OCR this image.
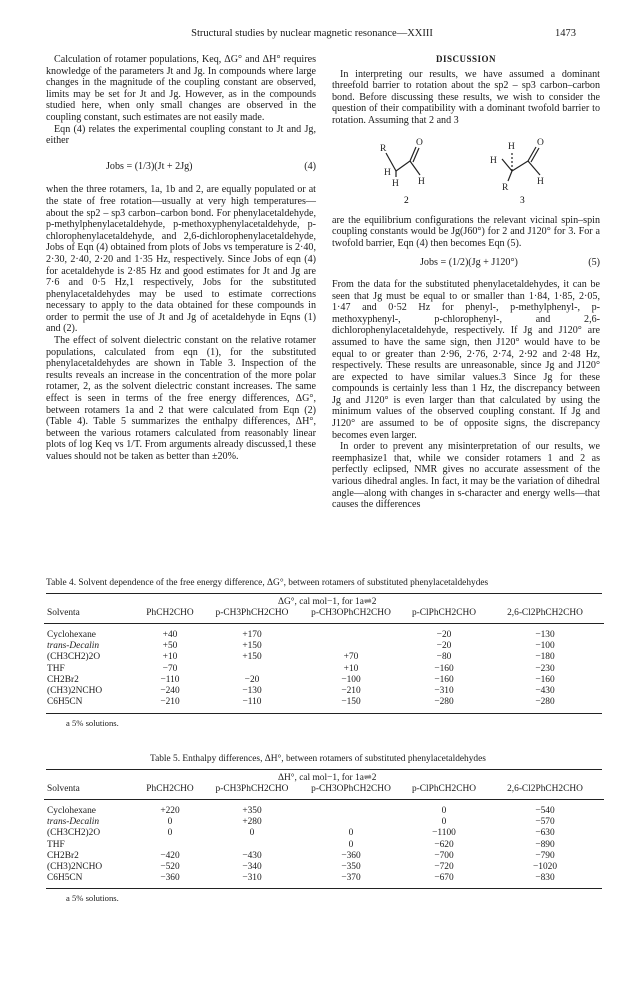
Structural studies by nuclear magnetic resonance—XXIII	1473

Calculation of rotamer populations, Keq, ΔG° and ΔH° requires knowledge of the parameters Jt and Jg. In compounds where large changes in the magnitude of the coupling constant are observed, limits may be set for Jt and Jg. However, as in the compounds studied here, when only small changes are observed in the coupling constant, such estimates are not easily made.

Eqn (4) relates the experimental coupling constant to Jt and Jg, either

Jobs = (1/3)(Jt + 2Jg)	(4)

when the three rotamers, 1a, 1b and 2, are equally populated or at the state of free rotation—usually at very high temperatures—about the sp2 – sp3 carbon–carbon bond. For phenylacetaldehyde, p-methylphenylacetaldehyde, p-methoxyphenylacetaldehyde, p-chlorophenylacetaldehyde, and 2,6-dichlorophenylacetaldehyde, Jobs of Eqn (4) obtained from plots of Jobs vs temperature is 2·40, 2·30, 2·40, 2·20 and 1·35 Hz, respectively. Since Jobs of eqn (4) for acetaldehyde is 2·85 Hz and good estimates for Jt and Jg are 7·6 and 0·5 Hz,1 respectively, Jobs for the substituted phenylacetaldehydes may be used to estimate corrections necessary to apply to the data obtained for these compounds in order to permit the use of Jt and Jg of acetaldehyde in Eqns (1) and (2).

The effect of solvent dielectric constant on the relative rotamer populations, calculated from eqn (1), for the substituted phenylacetaldehydes are shown in Table 3. Inspection of the results reveals an increase in the concentration of the more polar rotamer, 2, as the solvent dielectric constant increases. The same effect is seen in terms of the free energy differences, ΔG°, between rotamers 1a and 2 that were calculated from Eqn (2) (Table 4). Table 5 summarizes the enthalpy differences, ΔH°, between the various rotamers calculated from reasonably linear plots of log Keq vs 1/T. From arguments already discussed,1 these values should not be taken as better than ±20%.

DISCUSSION

In interpreting our results, we have assumed a dominant threefold barrier to rotation about the sp2 – sp3 carbon–carbon bond. Before discussing these results, we wish to consider the question of their compatibility with a dominant twofold barrier to rotation. Assuming that 2 and 3

R
H
H H
O
2
H
H
R
H
O
3

are the equilibrium configurations the relevant vicinal spin–spin coupling constants would be Jg(J60°) for 2 and J120° for 3. For a twofold barrier, Eqn (4) then becomes Eqn (5).

Jobs = (1/2)(Jg + J120°)	(5)

From the data for the substituted phenylacetaldehydes, it can be seen that Jg must be equal to or smaller than 1·84, 1·85, 2·05, 1·47 and 0·52 Hz for phenyl-, p-methylphenyl-, p-methoxyphenyl-, p-chlorophenyl-, and 2,6-dichlorophenylacetaldehyde, respectively. If Jg and J120° are assumed to have the same sign, then J120° would have to be equal to or greater than 2·96, 2·76, 2·74, 2·92 and 2·48 Hz, respectively. These results are unreasonable, since Jg and J120° are expected to have similar values.3 Since Jg for these compounds is certainly less than 1 Hz, the discrepancy between Jg and J120° is even larger than that calculated by using the minimum values of the observed coupling constant. If Jg and J120° are assumed to be of opposite signs, the discrepancy becomes even larger.

In order to prevent any misinterpretation of our results, we reemphasize1 that, while we consider rotamers 1 and 2 as perfectly eclipsed, NMR gives no accurate assessment of the various dihedral angles. In fact, it may be the variation of dihedral angle—along with changes in s-character and energy wells—that causes the differences

Table 4. Solvent dependence of the free energy difference, ΔG°, between rotamers of substituted phenylacetaldehydes
ΔG°, cal mol−1, for 1a⇌2
Solventa	PhCH2CHO	p-CH3PhCH2CHO	p-CH3OPhCH2CHO	p-ClPhCH2CHO	2,6-Cl2PhCH2CHO

Cyclohexane	+40	+170		−20	−130
trans-Decalin	+50	+150		−20	−100
(CH3CH2)2O	+10	+150	+70	−80	−180
THF	−70		+10	−160	−230
CH2Br2	−110	−20	−100	−160	−160
(CH3)2NCHO	−240	−130	−210	−310	−430
C6H5CN	−210	−110	−150	−280	−280
a 5% solutions.
Table 5. Enthalpy differences, ΔH°, between rotamers of substituted phenylacetaldehydes
ΔH°, cal mol−1, for 1a⇌2
Solventa	PhCH2CHO	p-CH3PhCH2CHO	p-CH3OPhCH2CHO	p-ClPhCH2CHO	2,6-Cl2PhCH2CHO

Cyclohexane	+220	+350		0	−540
trans-Decalin	0	+280		0	−570
(CH3CH2)2O	0	0	0	−1100	−630
THF			0	−620	−890
CH2Br2	−420	−430	−360	−700	−790
(CH3)2NCHO	−520	−340	−350	−720	−1020
C6H5CN	−360	−310	−370	−670	−830
a 5% solutions.
